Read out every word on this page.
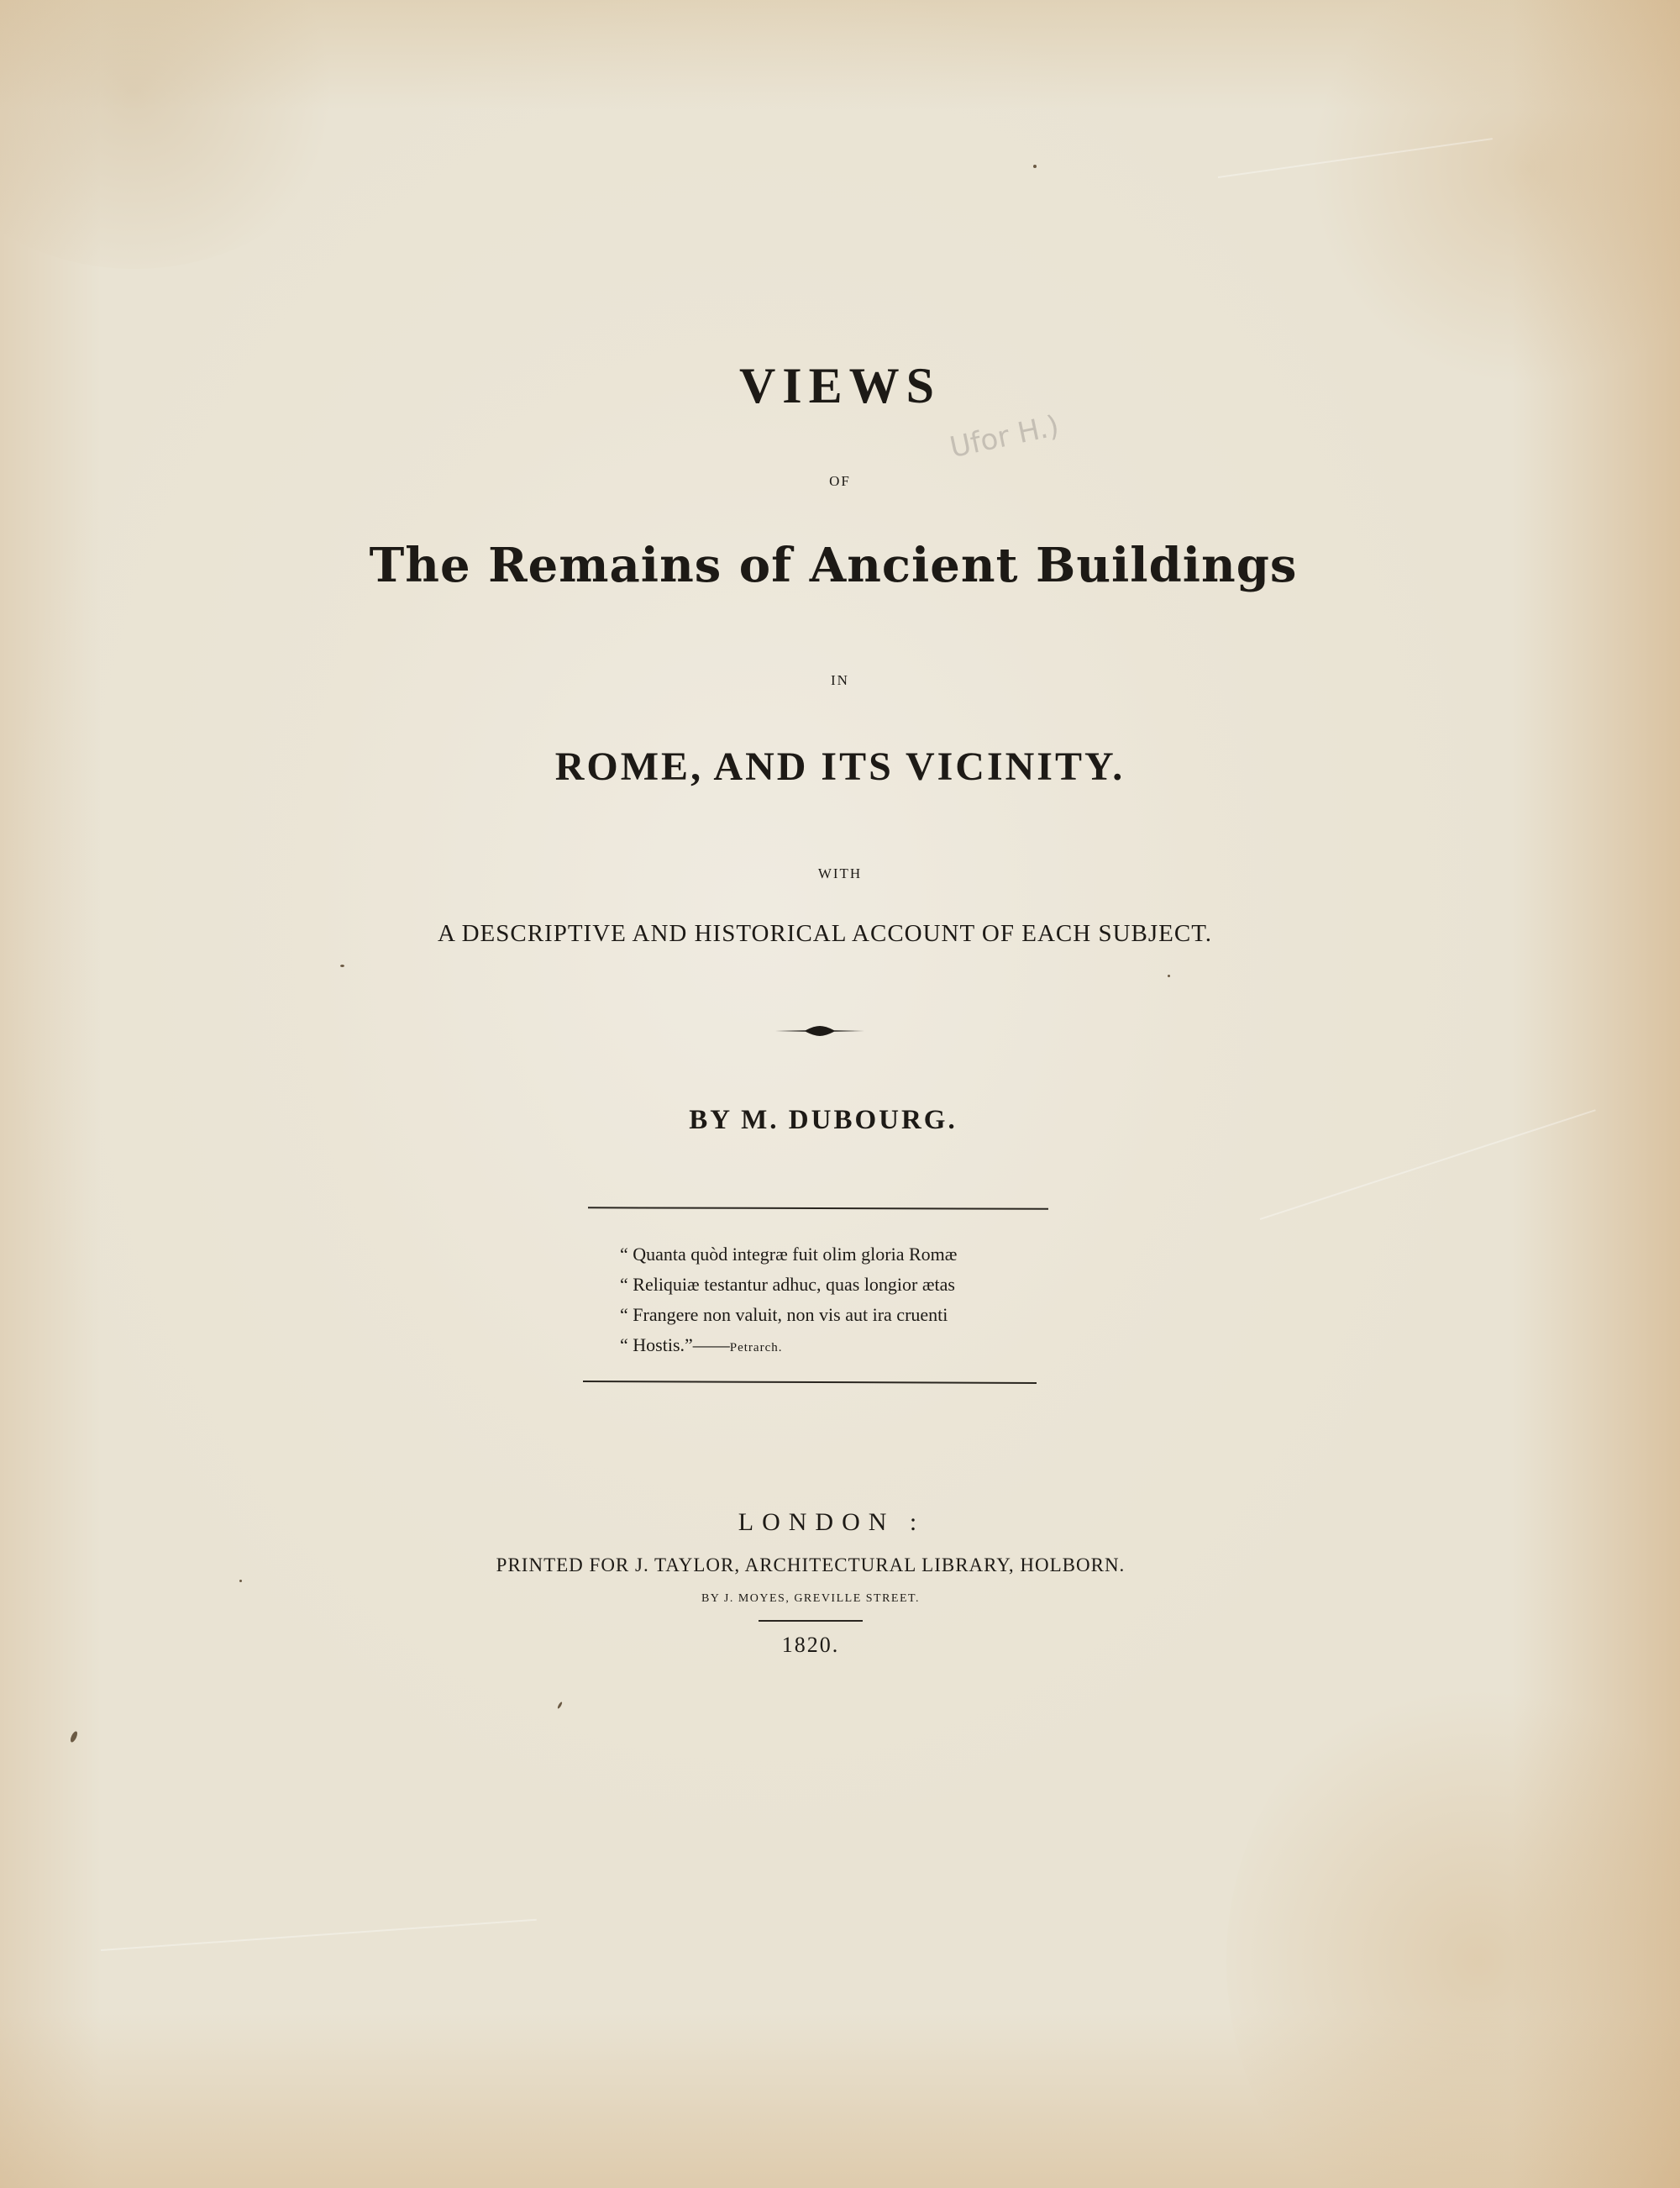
Ufor H.)
VIEWS
OF
The Remains of Ancient Buildings
IN
ROME, AND ITS VICINITY.
WITH
A DESCRIPTIVE AND HISTORICAL ACCOUNT OF EACH SUBJECT.
BY M. DUBOURG.
“ Quanta quòd integræ fuit olim gloria Romæ
“ Reliquiæ testantur adhuc, quas longior ætas
“ Frangere non valuit, non vis aut ira cruenti
“ Hostis.”——Petrarch.
LONDON :
PRINTED FOR J. TAYLOR, ARCHITECTURAL LIBRARY, HOLBORN.
BY J. MOYES, GREVILLE STREET.
1820.
